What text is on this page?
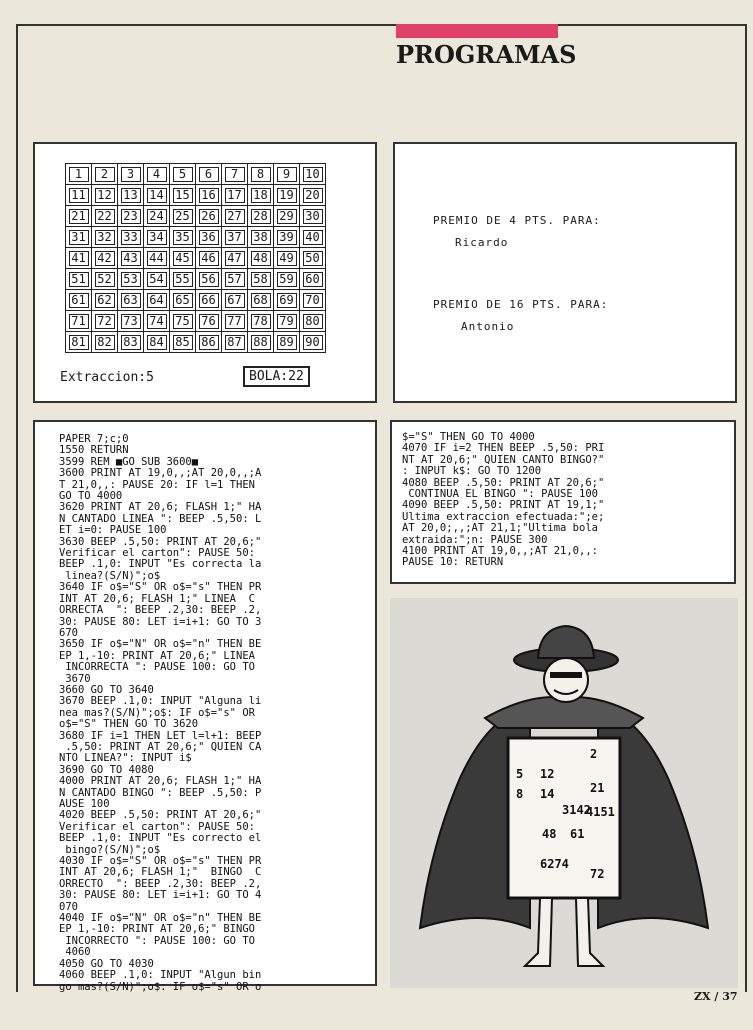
PROGRAMAS
1	2	3	4	5	6	7	8	9	10
11	12	13	14	15	16	17	18	19	20
21	22	23	24	25	26	27	28	29	30
31	32	33	34	35	36	37	38	39	40
41	42	43	44	45	46	47	48	49	50
51	52	53	54	55	56	57	58	59	60
61	62	63	64	65	66	67	68	69	70
71	72	73	74	75	76	77	78	79	80
81	82	83	84	85	86	87	88	89	90
Extraccion:5	BOLA:22
PREMIO DE 4 PTS. PARA:
Ricardo
PREMIO DE 16 PTS. PARA:
Antonio
PAPER 7;c;0
1550 RETURN
3599 REM ■GO SUB 3600■
3600 PRINT AT 19,0,,;AT 20,0,,;A
T 21,0,,: PAUSE 20: IF l=1 THEN
GO TO 4000
3620 PRINT AT 20,6; FLASH 1;" HA
N CANTADO LINEA ": BEEP .5,50: L
ET i=0: PAUSE 100
3630 BEEP .5,50: PRINT AT 20,6;"
Verificar el carton": PAUSE 50:
BEEP .1,0: INPUT "Es correcta la
linea?(S/N)";o$
3640 IF o$="S" OR o$="s" THEN PR
INT AT 20,6; FLASH 1;" LINEA  C
ORRECTA  ": BEEP .2,30: BEEP .2,
30: PAUSE 80: LET i=i+1: GO TO 3
670
3650 IF o$="N" OR o$="n" THEN BE
EP 1,-10: PRINT AT 20,6;" LINEA
INCORRECTA ": PAUSE 100: GO TO
3670
3660 GO TO 3640
3670 BEEP .1,0: INPUT "Alguna li
nea mas?(S/N)";o$: IF o$="s" OR
o$="S" THEN GO TO 3620
3680 IF i=1 THEN LET l=l+1: BEEP
.5,50: PRINT AT 20,6;" QUIEN CA
NTO LINEA?": INPUT i$
3690 GO TO 4080
4000 PRINT AT 20,6; FLASH 1;" HA
N CANTADO BINGO ": BEEP .5,50: P
AUSE 100
4020 BEEP .5,50: PRINT AT 20,6;"
Verificar el carton": PAUSE 50:
BEEP .1,0: INPUT "Es correcto el
bingo?(S/N)";o$
4030 IF o$="S" OR o$="s" THEN PR
INT AT 20,6; FLASH 1;"  BINGO  C
ORRECTO  ": BEEP .2,30: BEEP .2,
30: PAUSE 80: LET i=i+1: GO TO 4
070
4040 IF o$="N" OR o$="n" THEN BE
EP 1,-10: PRINT AT 20,6;" BINGO
INCORRECTO ": PAUSE 100: GO TO
4060
4050 GO TO 4030
4060 BEEP .1,0: INPUT "Algun bin
go mas?(S/N)";o$: IF o$="s" OR o
$="S" THEN GO TO 4000
4070 IF i=2 THEN BEEP .5,50: PRI
NT AT 20,6;" QUIEN CANTO BINGO?"
: INPUT k$: GO TO 1200
4080 BEEP .5,50: PRINT AT 20,6;"
CONTINUA EL BINGO ": PAUSE 100
4090 BEEP .5,50: PRINT AT 19,1;"
Ultima extraccion efectuada:";e;
AT 20,0;,,;AT 21,1;"Ultima bola
extraida:";n: PAUSE 300
4100 PRINT AT 19,0,,;AT 21,0,,:
PAUSE 10: RETURN
2
21
5 12
8 14
3142
4151
48 61
6274
72
ZX / 37
